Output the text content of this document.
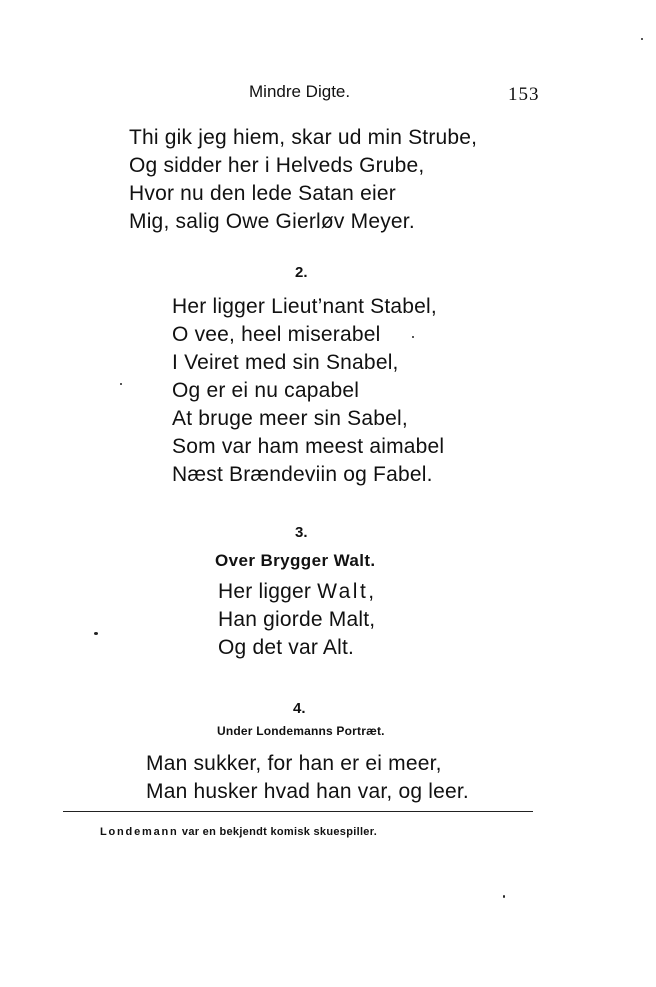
Mindre Digte.	153
Thi gik jeg hiem, skar ud min Strube,
Og sidder her i Helveds Grube,
Hvor nu den lede Satan eier
Mig, salig Owe Gierløv Meyer.
2.
Her ligger Lieut’nant Stabel,
O vee, heel miserabel
I Veiret med sin Snabel,
Og er ei nu capabel
At bruge meer sin Sabel,
Som var ham meest aimabel
Næst Brændeviin og Fabel.
3.
Over Brygger Walt.
Her ligger Walt,
Han giorde Malt,
Og det var Alt.
4.
Under Londemanns Portræt.
Man sukker, for han er ei meer,
Man husker hvad han var, og leer.
Londemann var en bekjendt komisk skuespiller.
